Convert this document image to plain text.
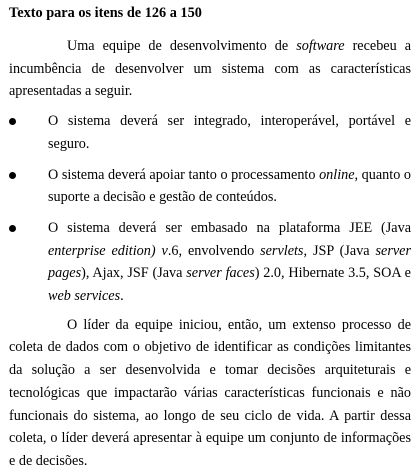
Texto para os itens de 126 a 150

Uma equipe de desenvolvimento de software recebeu a incumbência de desenvolver um sistema com as características apresentadas a seguir.

O sistema deverá ser integrado, interoperável, portável e seguro.
O sistema deverá apoiar tanto o processamento online, quanto o suporte a decisão e gestão de conteúdos.
O sistema deverá ser embasado na plataforma JEE (Java enterprise edition) v.6, envolvendo servlets, JSP (Java server pages), Ajax, JSF (Java server faces) 2.0, Hibernate 3.5, SOA e web services.

O líder da equipe iniciou, então, um extenso processo de coleta de dados com o objetivo de identificar as condições limitantes da solução a ser desenvolvida e tomar decisões arquiteturais e tecnológicas que impactarão várias características funcionais e não funcionais do sistema, ao longo de seu ciclo de vida. A partir dessa coleta, o líder deverá apresentar à equipe um conjunto de informações e de decisões.
